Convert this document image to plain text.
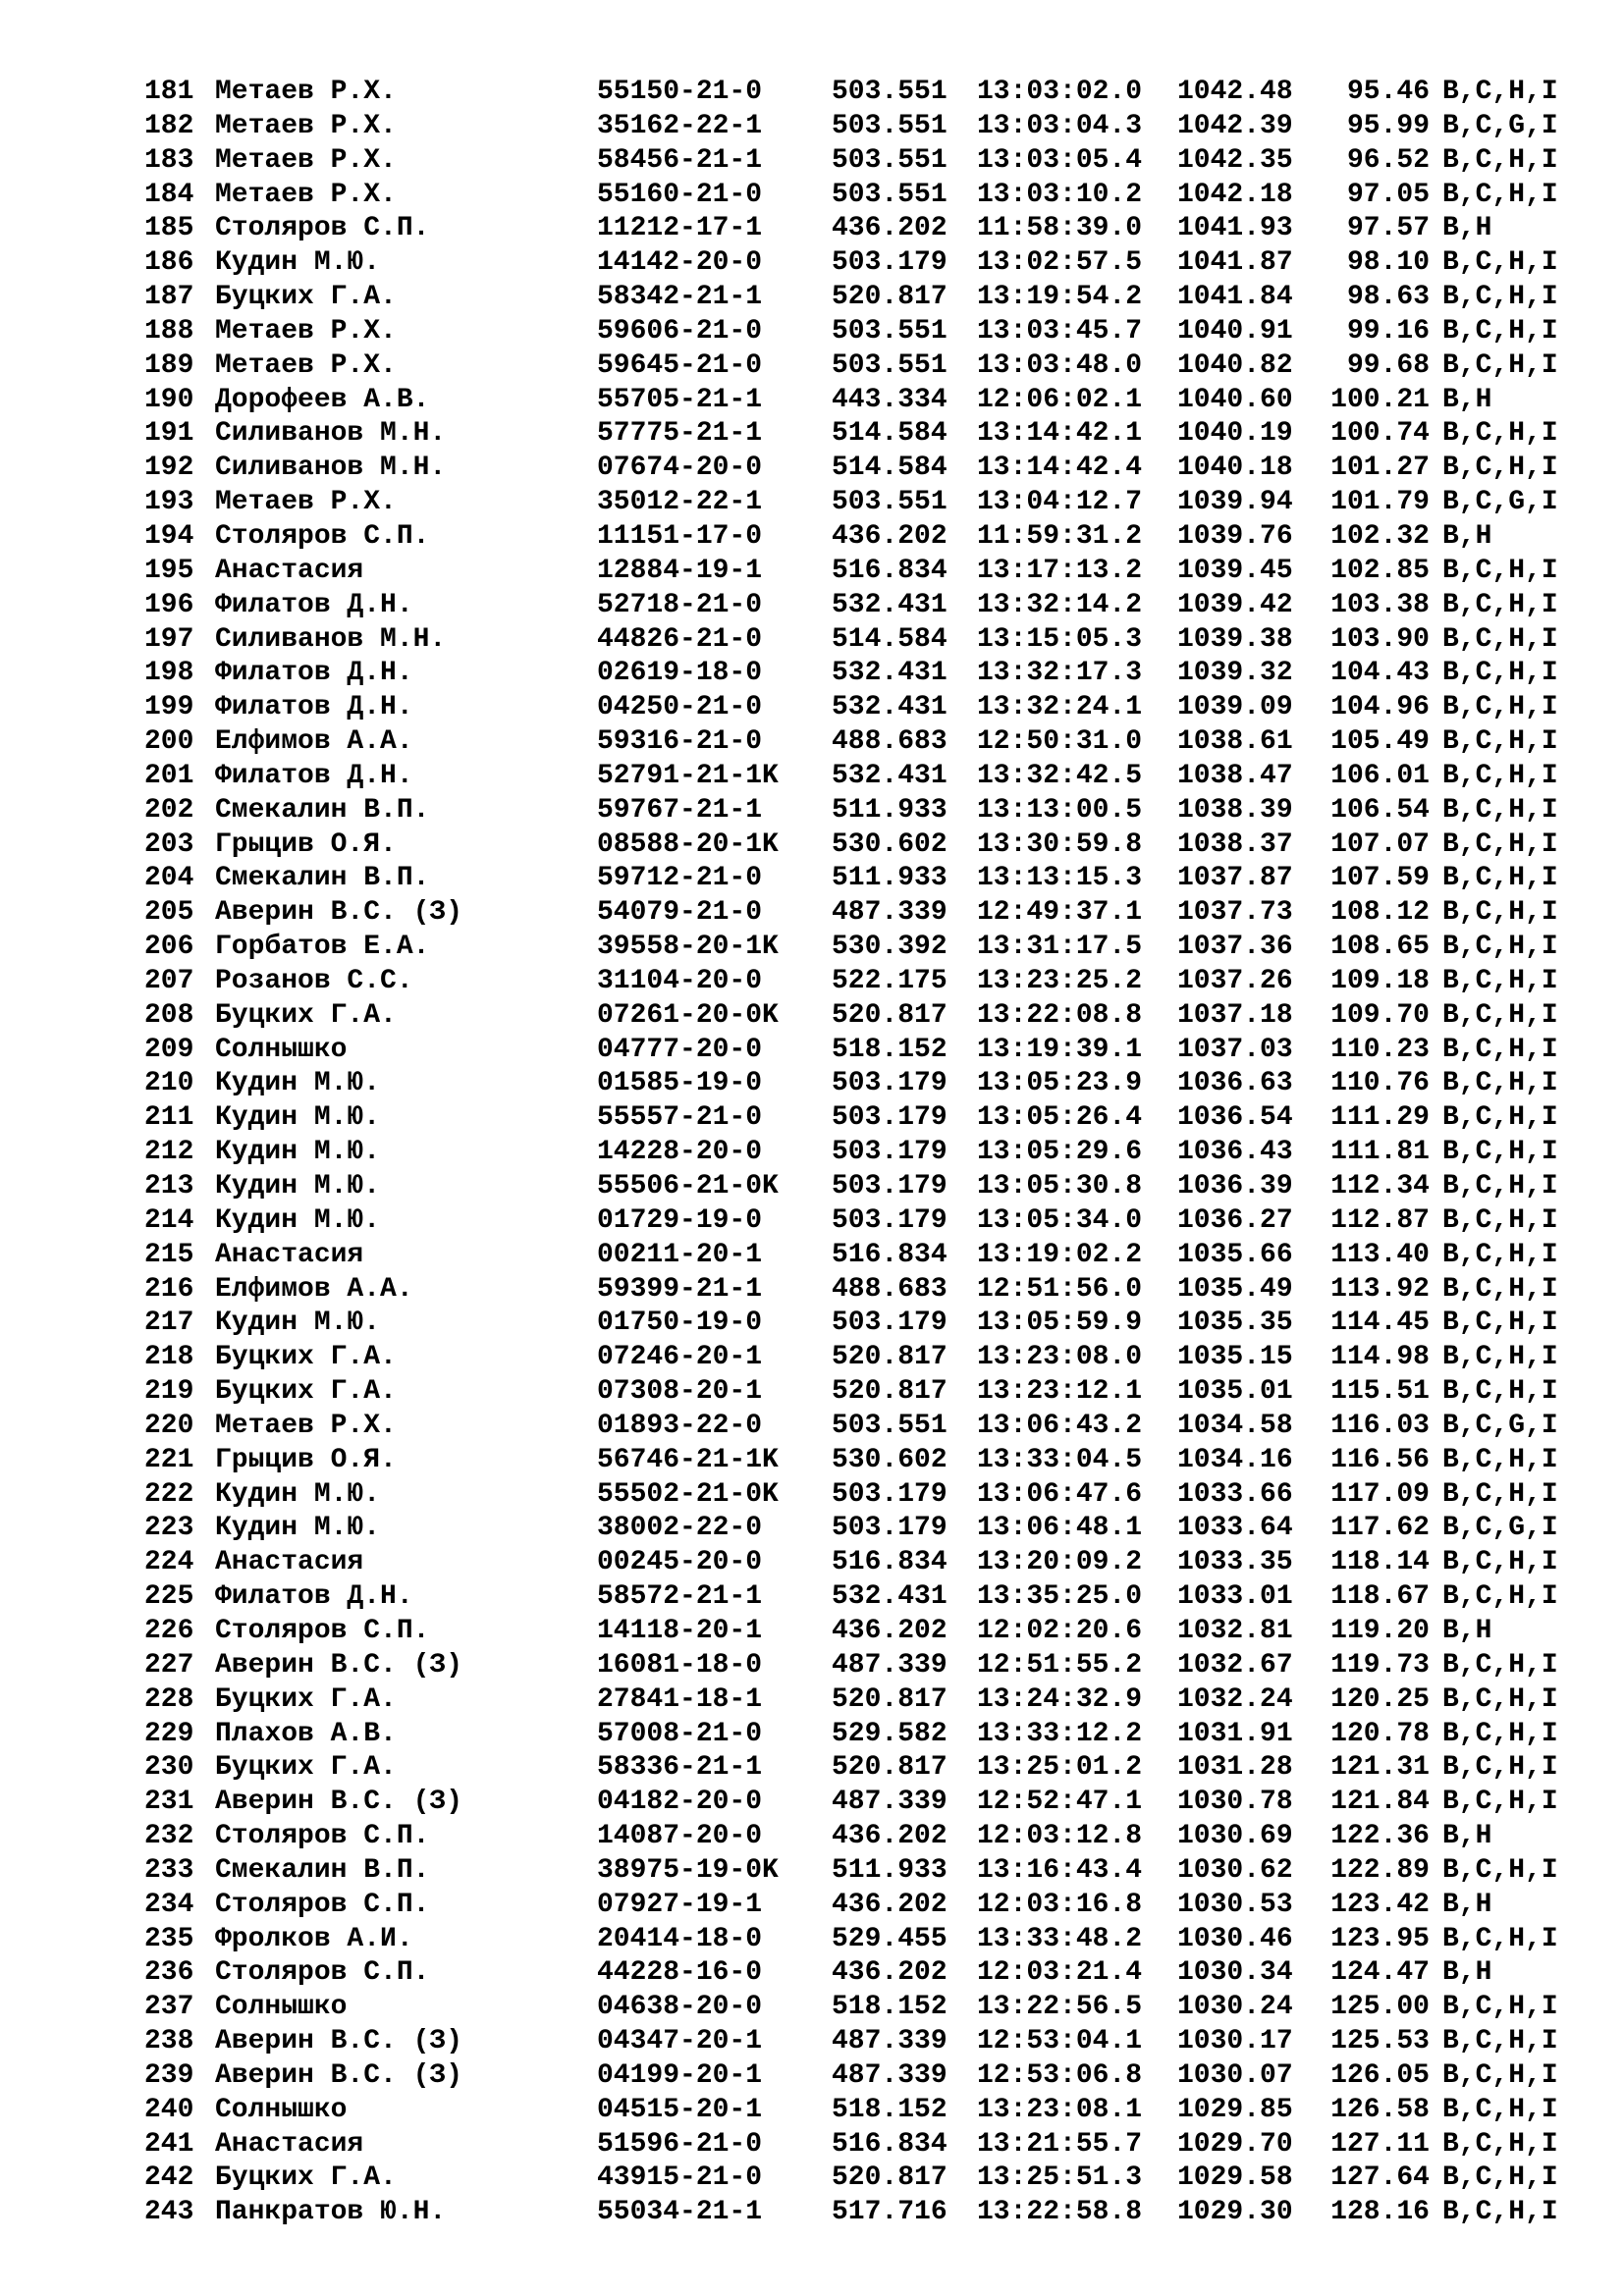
181 Метаев Р.Х.	55150-21-0	503.551 13:03:02.0 1042.48	95.46 B,C,H,I
182 Метаев Р.Х.	35162-22-1	503.551 13:03:04.3 1042.39	95.99 B,C,G,I
183 Метаев Р.Х.	58456-21-1	503.551 13:03:05.4 1042.35	96.52 B,C,H,I
184 Метаев Р.Х.	55160-21-0	503.551 13:03:10.2 1042.18	97.05 B,C,H,I
185 Столяров С.П.	11212-17-1	436.202 11:58:39.0 1041.93	97.57 B,H
186 Кудин М.Ю.	14142-20-0	503.179 13:02:57.5 1041.87	98.10 B,C,H,I
187 Буцких Г.А.	58342-21-1	520.817 13:19:54.2 1041.84	98.63 B,C,H,I
188 Метаев Р.Х.	59606-21-0	503.551 13:03:45.7 1040.91	99.16 B,C,H,I
189 Метаев Р.Х.	59645-21-0	503.551 13:03:48.0 1040.82	99.68 B,C,H,I
190 Дорофеев А.В.	55705-21-1	443.334 12:06:02.1 1040.60	100.21 B,H
191 Силиванов М.Н.	57775-21-1	514.584 13:14:42.1 1040.19	100.74 B,C,H,I
192 Силиванов М.Н.	07674-20-0	514.584 13:14:42.4 1040.18	101.27 B,C,H,I
193 Метаев Р.Х.	35012-22-1	503.551 13:04:12.7 1039.94	101.79 B,C,G,I
194 Столяров С.П.	11151-17-0	436.202 11:59:31.2 1039.76	102.32 B,H
195 Анастасия	12884-19-1	516.834 13:17:13.2 1039.45	102.85 B,C,H,I
196 Филатов Д.Н.	52718-21-0	532.431 13:32:14.2 1039.42	103.38 B,C,H,I
197 Силиванов М.Н.	44826-21-0	514.584 13:15:05.3 1039.38	103.90 B,C,H,I
198 Филатов Д.Н.	02619-18-0	532.431 13:32:17.3 1039.32	104.43 B,C,H,I
199 Филатов Д.Н.	04250-21-0	532.431 13:32:24.1 1039.09	104.96 B,C,H,I
200 Елфимов А.А.	59316-21-0	488.683 12:50:31.0 1038.61	105.49 B,C,H,I
201 Филатов Д.Н.	52791-21-1K 532.431 13:32:42.5 1038.47	106.01 B,C,H,I
202 Смекалин В.П.	59767-21-1	511.933 13:13:00.5 1038.39	106.54 B,C,H,I
203 Грыцив О.Я.	08588-20-1K 530.602 13:30:59.8 1038.37	107.07 B,C,H,I
204 Смекалин В.П.	59712-21-0	511.933 13:13:15.3 1037.87	107.59 B,C,H,I
205 Аверин В.С. (З)	54079-21-0	487.339 12:49:37.1 1037.73	108.12 B,C,H,I
206 Горбатов Е.А.	39558-20-1K 530.392 13:31:17.5 1037.36	108.65 B,C,H,I
207 Розанов С.С.	31104-20-0	522.175 13:23:25.2 1037.26	109.18 B,C,H,I
208 Буцких Г.А.	07261-20-0K 520.817 13:22:08.8 1037.18	109.70 B,C,H,I
209 Солнышко	04777-20-0	518.152 13:19:39.1 1037.03	110.23 B,C,H,I
210 Кудин М.Ю.	01585-19-0	503.179 13:05:23.9 1036.63	110.76 B,C,H,I
211 Кудин М.Ю.	55557-21-0	503.179 13:05:26.4 1036.54	111.29 B,C,H,I
212 Кудин М.Ю.	14228-20-0	503.179 13:05:29.6 1036.43	111.81 B,C,H,I
213 Кудин М.Ю.	55506-21-0K 503.179 13:05:30.8 1036.39	112.34 B,C,H,I
214 Кудин М.Ю.	01729-19-0	503.179 13:05:34.0 1036.27	112.87 B,C,H,I
215 Анастасия	00211-20-1	516.834 13:19:02.2 1035.66	113.40 B,C,H,I
216 Елфимов А.А.	59399-21-1	488.683 12:51:56.0 1035.49	113.92 B,C,H,I
217 Кудин М.Ю.	01750-19-0	503.179 13:05:59.9 1035.35	114.45 B,C,H,I
218 Буцких Г.А.	07246-20-1	520.817 13:23:08.0 1035.15	114.98 B,C,H,I
219 Буцких Г.А.	07308-20-1	520.817 13:23:12.1 1035.01	115.51 B,C,H,I
220 Метаев Р.Х.	01893-22-0	503.551 13:06:43.2 1034.58	116.03 B,C,G,I
221 Грыцив О.Я.	56746-21-1K 530.602 13:33:04.5 1034.16	116.56 B,C,H,I
222 Кудин М.Ю.	55502-21-0K 503.179 13:06:47.6 1033.66	117.09 B,C,H,I
223 Кудин М.Ю.	38002-22-0	503.179 13:06:48.1 1033.64	117.62 B,C,G,I
224 Анастасия	00245-20-0	516.834 13:20:09.2 1033.35	118.14 B,C,H,I
225 Филатов Д.Н.	58572-21-1	532.431 13:35:25.0 1033.01	118.67 B,C,H,I
226 Столяров С.П.	14118-20-1	436.202 12:02:20.6 1032.81	119.20 B,H
227 Аверин В.С. (З)	16081-18-0	487.339 12:51:55.2 1032.67	119.73 B,C,H,I
228 Буцких Г.А.	27841-18-1	520.817 13:24:32.9 1032.24	120.25 B,C,H,I
229 Плахов А.В.	57008-21-0	529.582 13:33:12.2 1031.91	120.78 B,C,H,I
230 Буцких Г.А.	58336-21-1	520.817 13:25:01.2 1031.28	121.31 B,C,H,I
231 Аверин В.С. (З)	04182-20-0	487.339 12:52:47.1 1030.78	121.84 B,C,H,I
232 Столяров С.П.	14087-20-0	436.202 12:03:12.8 1030.69	122.36 B,H
233 Смекалин В.П.	38975-19-0K 511.933 13:16:43.4 1030.62	122.89 B,C,H,I
234 Столяров С.П.	07927-19-1	436.202 12:03:16.8 1030.53	123.42 B,H
235 Фролков А.И.	20414-18-0	529.455 13:33:48.2 1030.46	123.95 B,C,H,I
236 Столяров С.П.	44228-16-0	436.202 12:03:21.4 1030.34	124.47 B,H
237 Солнышко	04638-20-0	518.152 13:22:56.5 1030.24	125.00 B,C,H,I
238 Аверин В.С. (З)	04347-20-1	487.339 12:53:04.1 1030.17	125.53 B,C,H,I
239 Аверин В.С. (З)	04199-20-1	487.339 12:53:06.8 1030.07	126.05 B,C,H,I
240 Солнышко	04515-20-1	518.152 13:23:08.1 1029.85	126.58 B,C,H,I
241 Анастасия	51596-21-0	516.834 13:21:55.7 1029.70	127.11 B,C,H,I
242 Буцких Г.А.	43915-21-0	520.817 13:25:51.3 1029.58	127.64 B,C,H,I
243 Панкратов Ю.Н.	55034-21-1	517.716 13:22:58.8 1029.30	128.16 B,C,H,I
